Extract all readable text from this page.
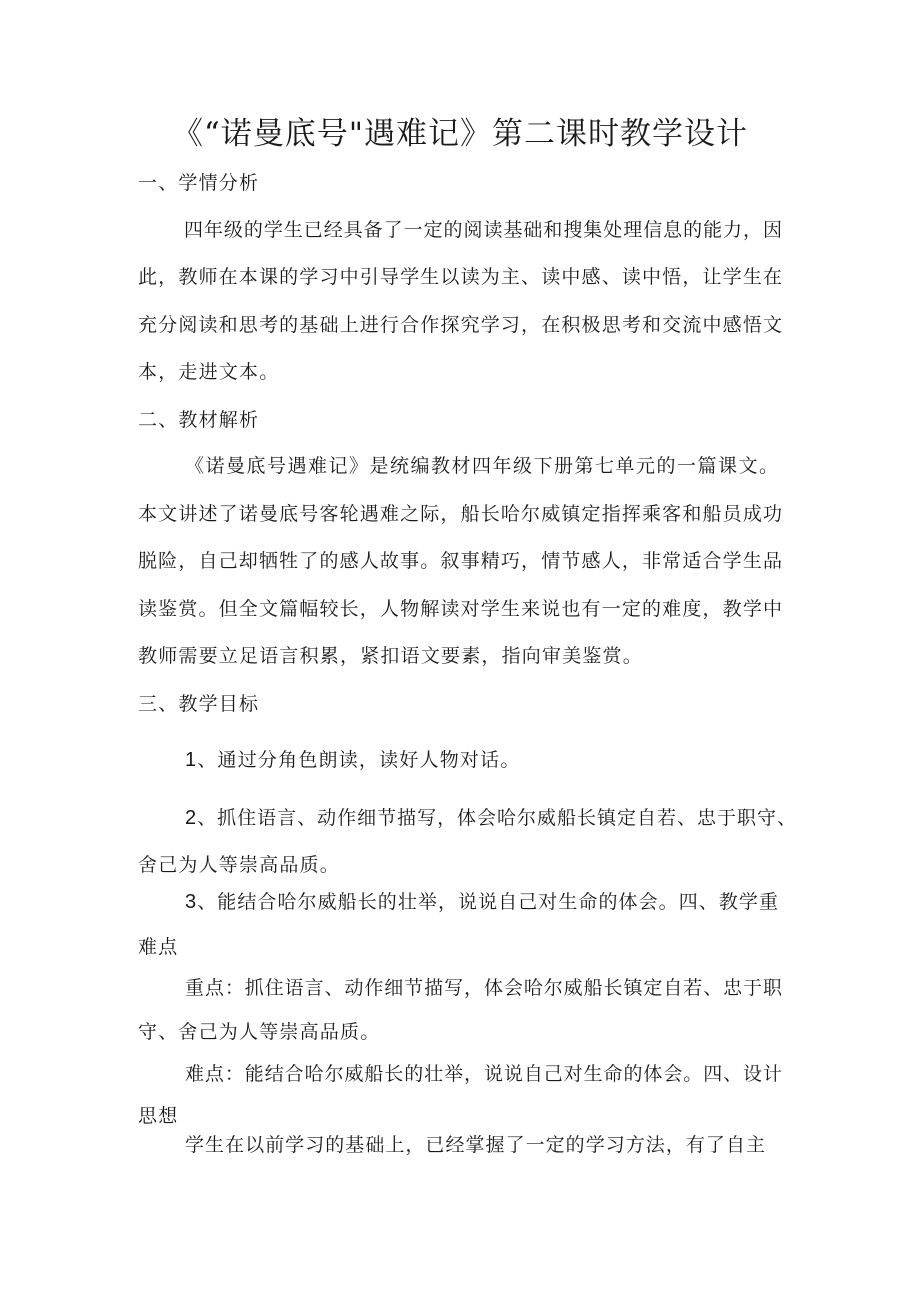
《“诺曼底号"遇难记》第二课时教学设计
一、学情分析
四年级的学生已经具备了一定的阅读基础和搜集处理信息的能力，因
此，教师在本课的学习中引导学生以读为主、读中感、读中悟，让学生在
充分阅读和思考的基础上进行合作探究学习，在积极思考和交流中感悟文
本，走进文本。
二、教材解析
《诺曼底号遇难记》是统编教材四年级下册第七单元的一篇课文。
本文讲述了诺曼底号客轮遇难之际，船长哈尔威镇定指挥乘客和船员成功
脱险，自己却牺牲了的感人故事。叙事精巧，情节感人，非常适合学生品
读鉴赏。但全文篇幅较长，人物解读对学生来说也有一定的难度，教学中
教师需要立足语言积累，紧扣语文要素，指向审美鉴赏。
三、教学目标
1、通过分角色朗读，读好人物对话。
2、抓住语言、动作细节描写，体会哈尔威船长镇定自若、忠于职守、
舍己为人等崇高品质。
3、能结合哈尔威船长的壮举，说说自己对生命的体会。四、教学重
难点
重点：抓住语言、动作细节描写，体会哈尔威船长镇定自若、忠于职
守、舍己为人等崇高品质。
难点：能结合哈尔威船长的壮举，说说自己对生命的体会。四、设计
思想
学生在以前学习的基础上，已经掌握了一定的学习方法，有了自主
